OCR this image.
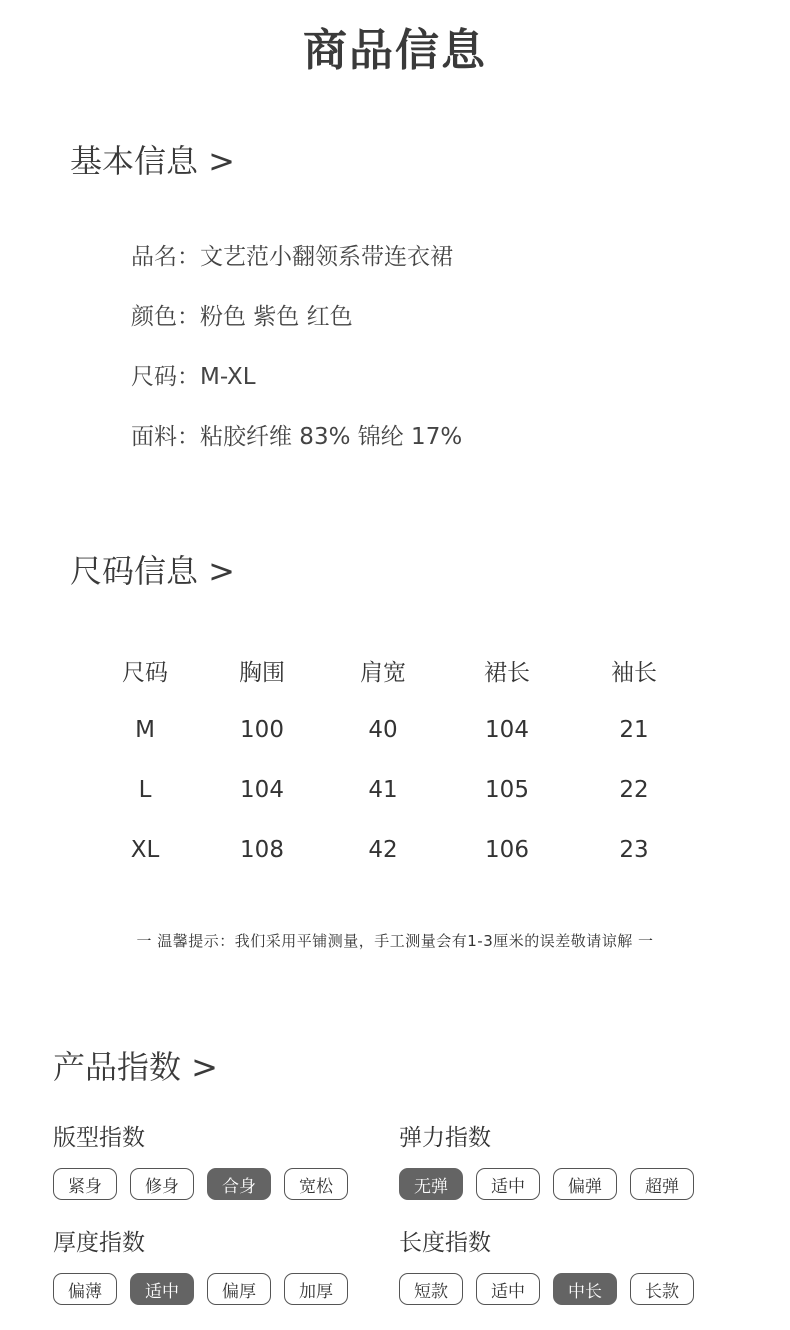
商品信息
基本信息 >
品名：文艺范小翻领系带连衣裙
颜色：粉色 紫色 红色
尺码：M-XL
面料：粘胶纤维 83% 锦纶 17%
尺码信息 >
尺码	胸围	肩宽	裙长	袖长
M	100	40	104	21
L	104	41	105	22
XL	108	42	106	23
一 温馨提示：我们采用平铺测量，手工测量会有1-3厘米的误差敬请谅解 一
产品指数 >
版型指数
紧身	修身	合身	宽松
弹力指数
无弹	适中	偏弹	超弹
厚度指数
偏薄	适中	偏厚	加厚
长度指数
短款	适中	中长	长款
